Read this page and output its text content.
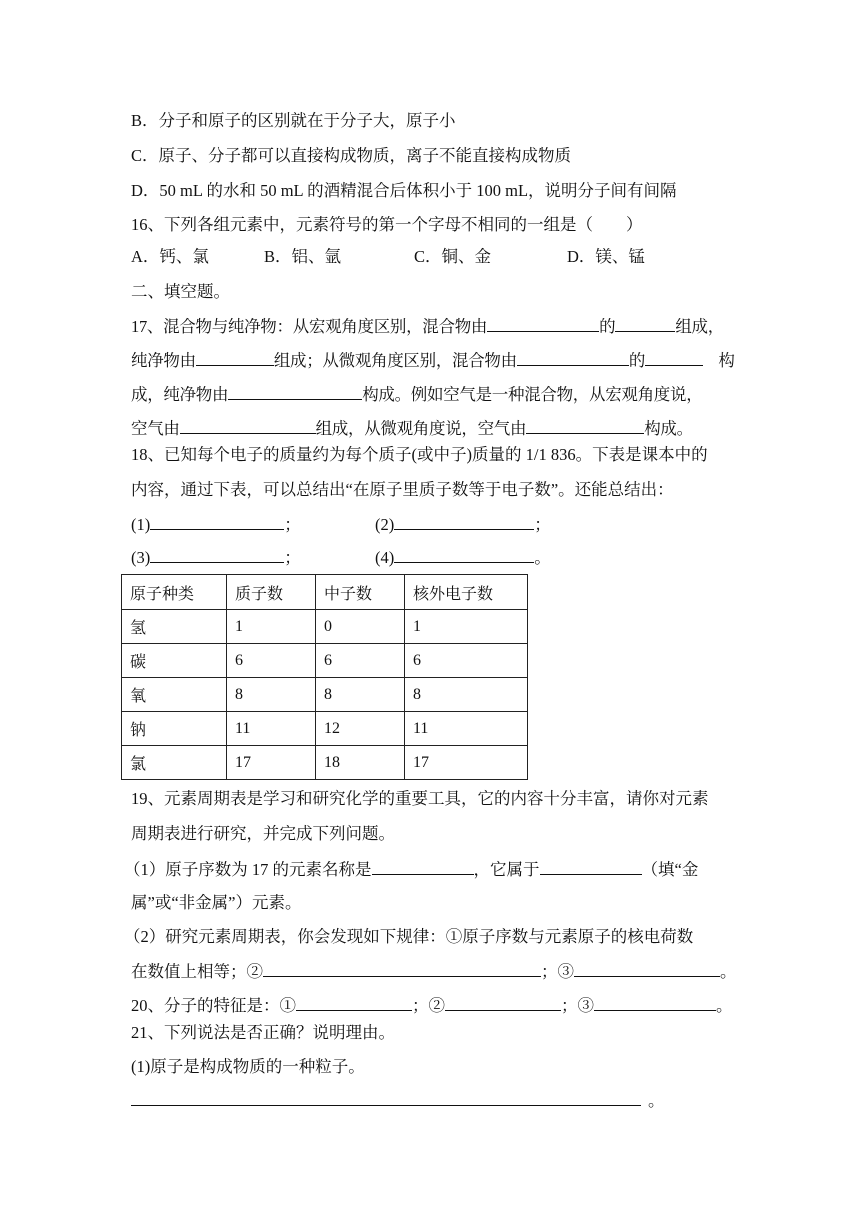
B．分子和原子的区别就在于分子大，原子小
C．原子、分子都可以直接构成物质，离子不能直接构成物质
D．50 mL 的水和 50 mL 的酒精混合后体积小于 100 mL，说明分子间有间隔
16、下列各组元素中，元素符号的第一个字母不相同的一组是（　　）
A．钙、氯	B．铝、氩	C．铜、金	D．镁、锰
二、填空题。
17、混合物与纯净物：从宏观角度区别，混合物由	的	组成，
纯净物由	组成；从微观角度区别，混合物由	的	构
成，纯净物由	构成。例如空气是一种混合物，从宏观角度说，
空气由	组成，从微观角度说，空气由	构成。
18、已知每个电子的质量约为每个质子(或中子)质量的 1/1 836。下表是课本中的
内容，通过下表，可以总结出“在原子里质子数等于电子数”。还能总结出：
(1)	；	(2)	；
(3)	；	(4)	。
原子种类	质子数	中子数	核外电子数
氢	1	0	1
碳	6	6	6
氧	8	8	8
钠	11	12	11
氯	17	18	17
19、元素周期表是学习和研究化学的重要工具，它的内容十分丰富，请你对元素
周期表进行研究，并完成下列问题。
（1）原子序数为 17 的元素名称是	，它属于	（填“金
属”或“非金属”）元素。
（2）研究元素周期表，你会发现如下规律：①原子序数与元素原子的核电荷数
在数值上相等；②	；③	。
20、分子的特征是：①	；②	；③	。
21、下列说法是否正确？说明理由。
(1)原子是构成物质的一种粒子。
。
